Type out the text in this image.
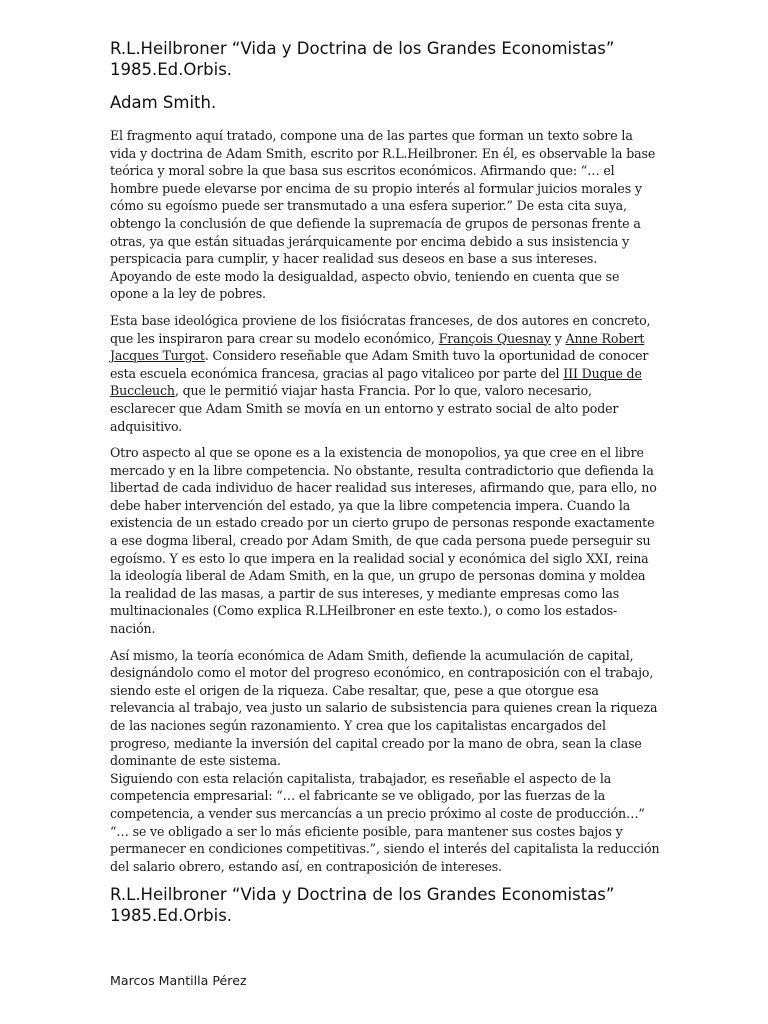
R.L.Heilbroner “Vida y Doctrina de los Grandes Economistas” 1985.Ed.Orbis.
Adam Smith.

El fragmento aquí tratado, compone una de las partes que forman un texto sobre la vida y doctrina de Adam Smith, escrito por R.L.Heilbroner. En él, es observable la base teórica y moral sobre la que basa sus escritos económicos. Afirmando que: “… el hombre puede elevarse por encima de su propio interés al formular juicios morales y cómo su egoísmo puede ser transmutado a una esfera superior.” De esta cita suya, obtengo la conclusión de que defiende la supremacía de grupos de personas frente a otras, ya que están situadas jerárquicamente por encima debido a sus insistencia y perspicacia para cumplir, y hacer realidad sus deseos en base a sus intereses. Apoyando de este modo la desigualdad, aspecto obvio, teniendo en cuenta que se opone a la ley de pobres.

Esta base ideológica proviene de los fisiócratas franceses, de dos autores en concreto, que les inspiraron para crear su modelo económico, François Quesnay y Anne Robert Jacques Turgot. Considero reseñable que Adam Smith tuvo la oportunidad de conocer esta escuela económica francesa, gracias al pago vitaliceo por parte del III Duque de Buccleuch, que le permitió viajar hasta Francia. Por lo que, valoro necesario, esclarecer que Adam Smith se movía en un entorno y estrato social de alto poder adquisitivo.

Otro aspecto al que se opone es a la existencia de monopolios, ya que cree en el libre mercado y en la libre competencia. No obstante, resulta contradictorio que defienda la libertad de cada individuo de hacer realidad sus intereses, afirmando que, para ello, no debe haber intervención del estado, ya que la libre competencia impera. Cuando la existencia de un estado creado por un cierto grupo de personas responde exactamente a ese dogma liberal, creado por Adam Smith, de que cada persona puede perseguir su egoísmo. Y es esto lo que impera en la realidad social y económica del siglo XXI, reina la ideología liberal de Adam Smith, en la que, un grupo de personas domina y moldea la realidad de las masas, a partir de sus intereses, y mediante empresas como las multinacionales (Como explica R.LHeilbroner en este texto.), o como los estados-nación.

Así mismo, la teoría económica de Adam Smith, defiende la acumulación de capital, designándolo como el motor del progreso económico, en contraposición con el trabajo, siendo este el origen de la riqueza. Cabe resaltar, que, pese a que otorgue esa relevancia al trabajo, vea justo un salario de subsistencia para quienes crean la riqueza de las naciones según razonamiento. Y crea que los capitalistas encargados del progreso, mediante la inversión del capital creado por la mano de obra, sean la clase dominante de este sistema.

Siguiendo con esta relación capitalista, trabajador, es reseñable el aspecto de la competencia empresarial: “… el fabricante se ve obligado, por las fuerzas de la competencia, a vender sus mercancías a un precio próximo al coste de producción…” “… se ve obligado a ser lo más eficiente posible, para mantener sus costes bajos y permanecer en condiciones competitivas.”, siendo el interés del capitalista la reducción del salario obrero, estando así, en contraposición de intereses.

R.L.Heilbroner “Vida y Doctrina de los Grandes Economistas” 1985.Ed.Orbis.
Marcos Mantilla Pérez
